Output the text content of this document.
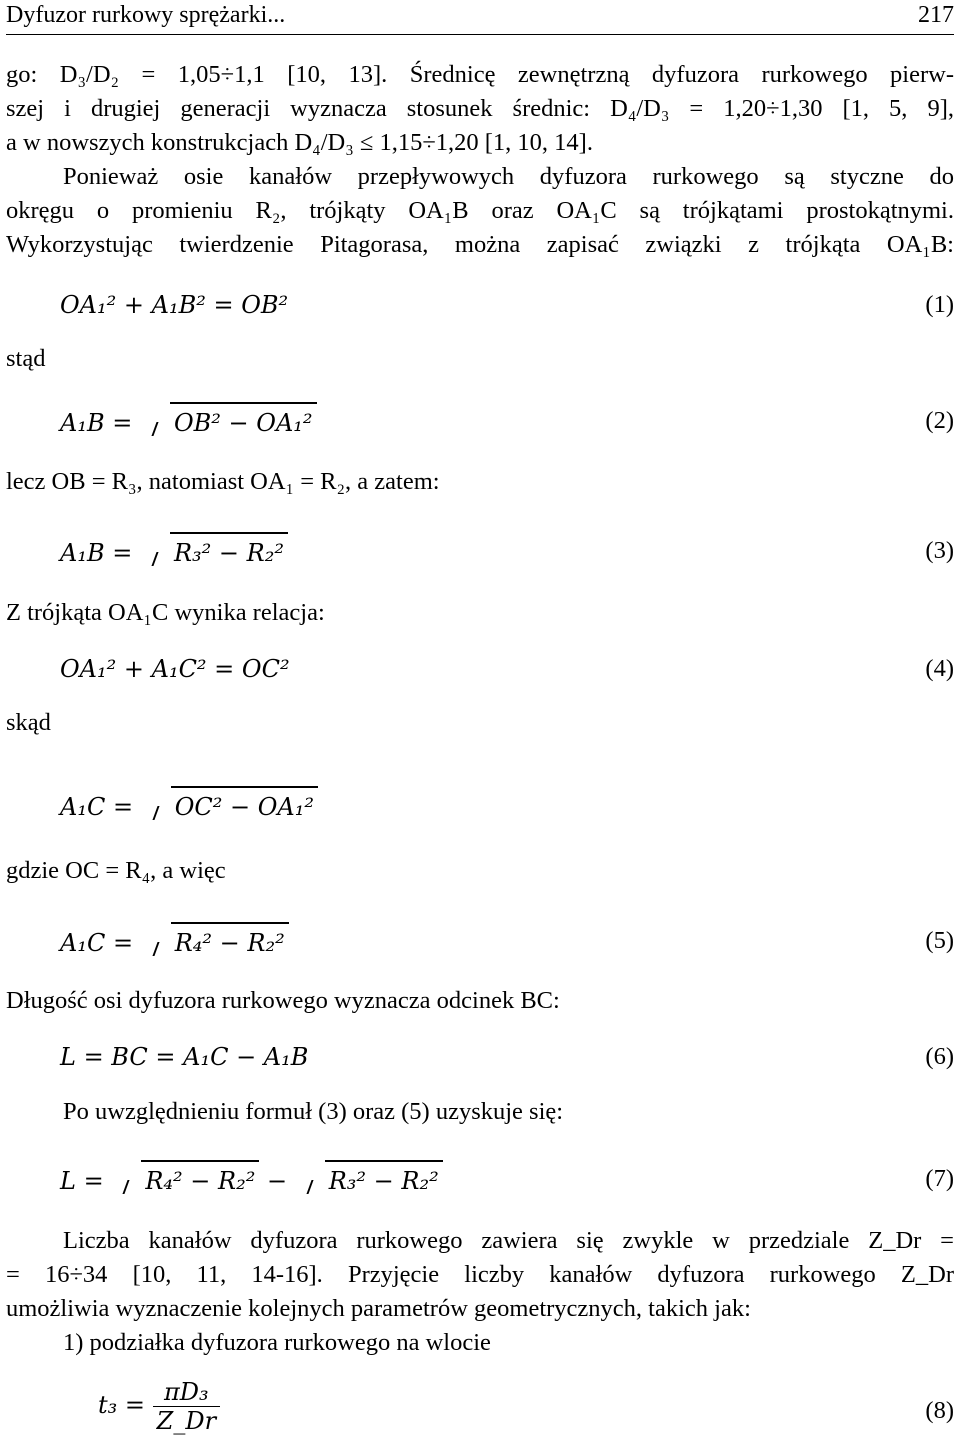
Dyfuzor rurkowy sprężarki...	217
go: D₃/D₂ = 1,05÷1,1 [10, 13]. Średnicę zewnętrzną dyfuzora rurkowego pierw-
szej i drugiej generacji wyznacza stosunek średnic: D₄/D₃ = 1,20÷1,30 [1, 5, 9],
a w nowszych konstrukcjach D₄/D₃ ≤ 1,15÷1,20 [1, 10, 14].
Ponieważ osie kanałów przepływowych dyfuzora rurkowego są styczne do
okręgu o promieniu R₂, trójkąty OA₁B oraz OA₁C są trójkątami prostokątnymi.
Wykorzystując twierdzenie Pitagorasa, można zapisać związki z trójkąta OA₁B:
OA₁² + A₁B² = OB²	(1)
stąd
A₁B = OB² − OA₁²	(2)
lecz OB = R₃, natomiast OA₁ = R₂, a zatem:
A₁B = R₃² − R₂²	(3)
Z trójkąta OA₁C wynika relacja:
OA₁² + A₁C² = OC²	(4)
skąd
A₁C = OC² − OA₁²
gdzie OC = R₄, a więc
A₁C = R₄² − R₂²	(5)
Długość osi dyfuzora rurkowego wyznacza odcinek BC:
L = BC = A₁C − A₁B	(6)
Po uwzględnieniu formuł (3) oraz (5) uzyskuje się:
L = R₄² − R₂² − R₃² − R₂²	(7)
Liczba kanałów dyfuzora rurkowego zawiera się zwykle w przedziale Z_Dr =
= 16÷34 [10, 11, 14-16]. Przyjęcie liczby kanałów dyfuzora rurkowego Z_Dr
umożliwia wyznaczenie kolejnych parametrów geometrycznych, takich jak:
1) podziałka dyfuzora rurkowego na wlocie
$t_3 = \frac{\text{πD₃}}{Z\_Dr}$	(8)
